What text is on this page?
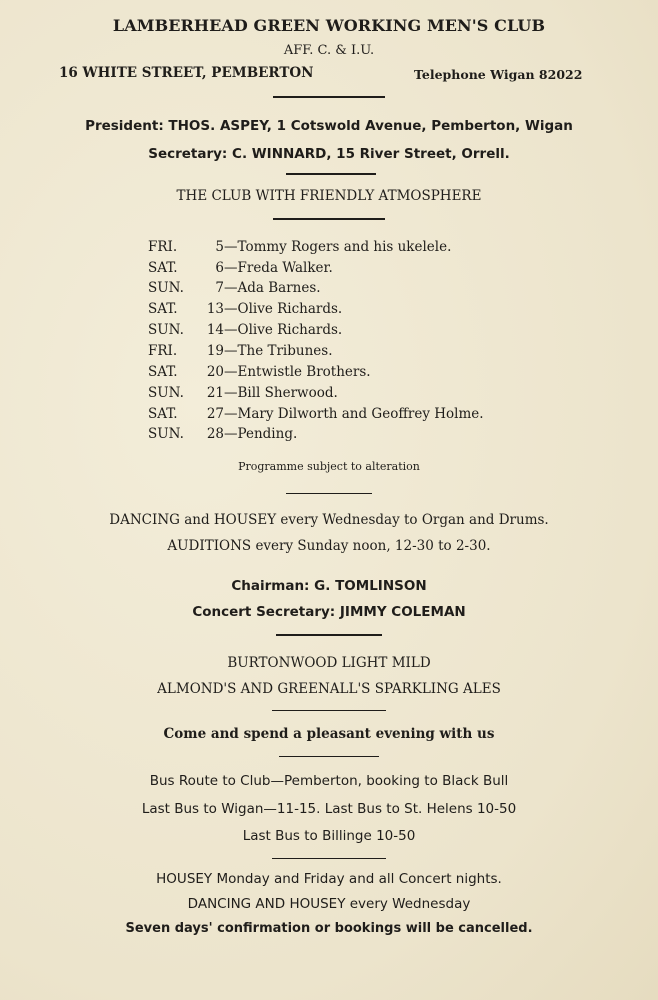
LAMBERHEAD GREEN WORKING MEN'S CLUB
AFF. C. & I.U.
16 WHITE STREET, PEMBERTON	Telephone Wigan 82022
President: THOS. ASPEY, 1 Cotswold Avenue, Pemberton, Wigan
Secretary: C. WINNARD, 15 River Street, Orrell.
THE CLUB WITH FRIENDLY ATMOSPHERE
FRI.	5—Tommy Rogers and his ukelele.
SAT.	6—Freda Walker.
SUN. 7—Ada Barnes.
SAT. 13—Olive Richards.
SUN. 14—Olive Richards.
FRI. 19—The Tribunes.
SAT. 20—Entwistle Brothers.
SUN. 21—Bill Sherwood.
SAT. 27—Mary Dilworth and Geoffrey Holme.
SUN. 28—Pending.
Programme subject to alteration
DANCING and HOUSEY every Wednesday to Organ and Drums.
AUDITIONS every Sunday noon, 12-30 to 2-30.
Chairman: G. TOMLINSON
Concert Secretary: JIMMY COLEMAN
BURTONWOOD LIGHT MILD
ALMOND'S AND GREENALL'S SPARKLING ALES
Come and spend a pleasant evening with us
Bus Route to Club—Pemberton, booking to Black Bull
Last Bus to Wigan—11-15. Last Bus to St. Helens 10-50
Last Bus to Billinge 10-50
HOUSEY Monday and Friday and all Concert nights.
DANCING AND HOUSEY every Wednesday
Seven days' confirmation or bookings will be cancelled.
